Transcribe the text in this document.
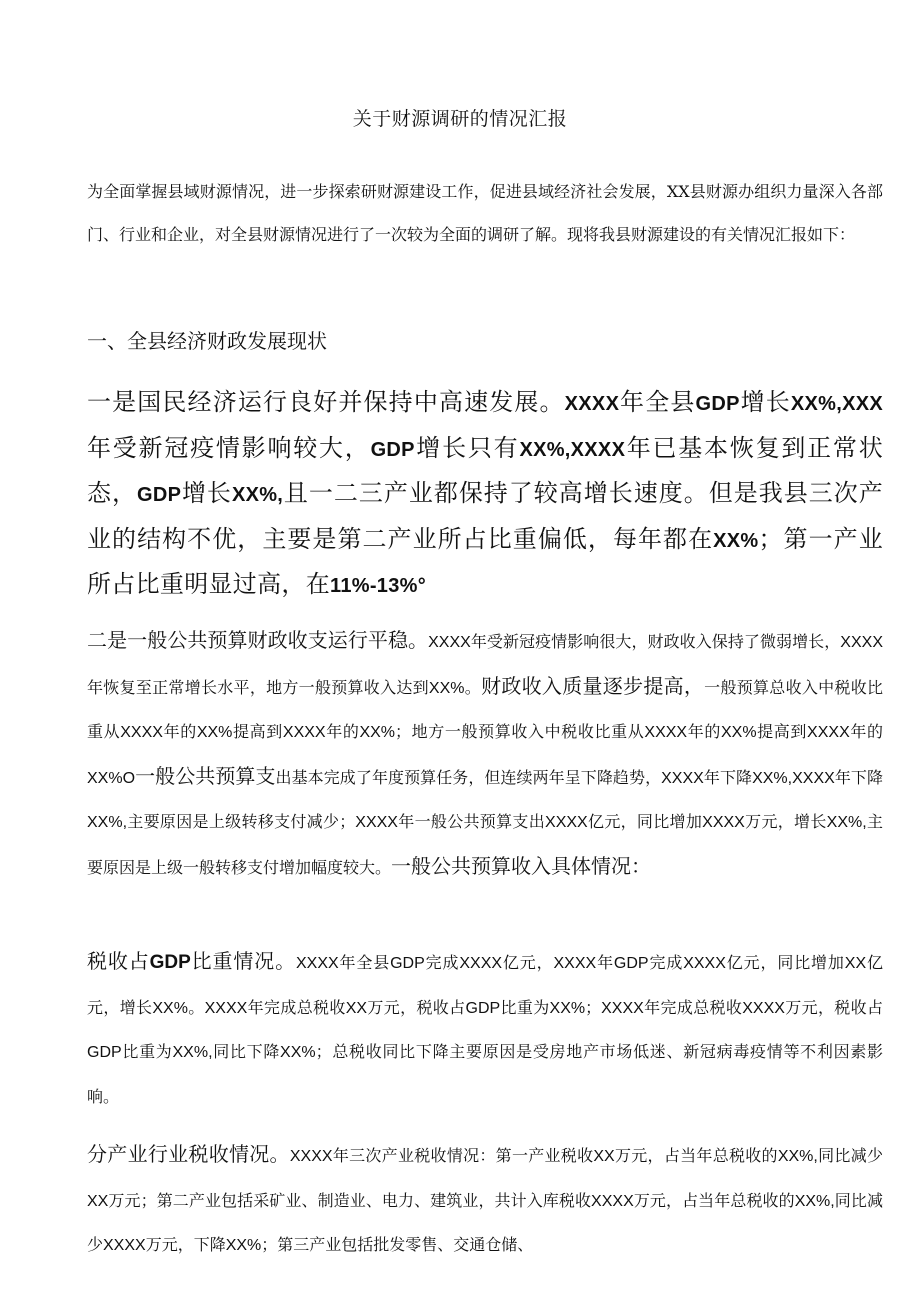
关于财源调研的情况汇报

为全面掌握县域财源情况，进一步探索研财源建设工作，促进县域经济社会发展，XX县财源办组织力量深入各部门、行业和企业，对全县财源情况进行了一次较为全面的调研了解。现将我县财源建设的有关情况汇报如下：

一、全县经济财政发展现状

一是国民经济运行良好并保持中高速发展。XXXX年全县GDP增长XX%,XXX年受新冠疫情影响较大，GDP增长只有XX%,XXXX年已基本恢复到正常状态，GDP增长XX%,且一二三产业都保持了较高增长速度。但是我县三次产业的结构不优，主要是第二产业所占比重偏低，每年都在XX%；第一产业所占比重明显过高，在11%-13%°

二是一般公共预算财政收支运行平稳。XXXX年受新冠疫情影响很大，财政收入保持了微弱增长，XXXX年恢复至正常增长水平，地方一般预算收入达到XX%。财政收入质量逐步提高，一般预算总收入中税收比重从XXXX年的XX%提高到XXXX年的XX%；地方一般预算收入中税收比重从XXXX年的XX%提高到XXXX年的XX%O一般公共预算支出基本完成了年度预算任务，但连续两年呈下降趋势，XXXX年下降XX%,XXXX年下降XX%,主要原因是上级转移支付减少；XXXX年一般公共预算支出XXXX亿元，同比增加XXXX万元，增长XX%,主要原因是上级一般转移支付增加幅度较大。一般公共预算收入具体情况：

税收占GDP比重情况。XXXX年全县GDP完成XXXX亿元，XXXX年GDP完成XXXX亿元，同比增加XX亿元，增长XX%。XXXX年完成总税收XX万元，税收占GDP比重为XX%；XXXX年完成总税收XXXX万元，税收占GDP比重为XX%,同比下降XX%；总税收同比下降主要原因是受房地产市场低迷、新冠病毒疫情等不利因素影响。

分产业行业税收情况。XXXX年三次产业税收情况：第一产业税收XX万元，占当年总税收的XX%,同比减少XX万元；第二产业包括采矿业、制造业、电力、建筑业，共计入库税收XXXX万元，占当年总税收的XX%,同比减少XXXX万元，下降XX%；第三产业包括批发零售、交通仓储、
